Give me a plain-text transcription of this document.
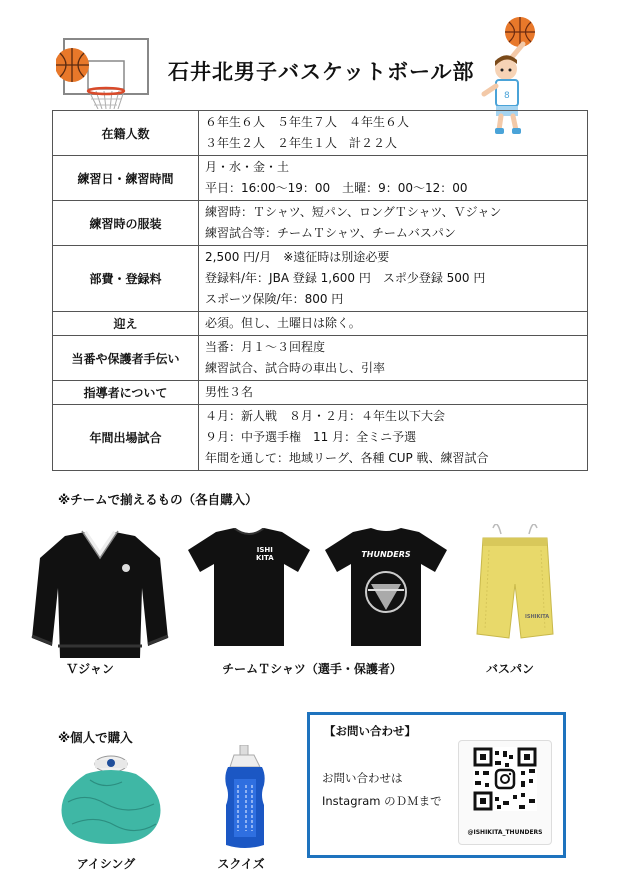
石井北男子バスケットボール部
8
在籍人数	６年生６人　５年生７人　４年生６人
３年生２人　２年生１人　計２２人

練習日・練習時間	月・水・金・土
平日：16:00〜19：00　土曜：9：00〜12：00

練習時の服装	練習時：Ｔシャツ、短パン、ロングＴシャツ、Ｖジャン
練習試合等：チームＴシャツ、チームバスパン

部費・登録料	2,500 円/月　※遠征時は別途必要
登録料/年：JBA 登録 1,600 円　スポ少登録 500 円
スポーツ保険/年：800 円

迎え	必須。但し、土曜日は除く。

当番や保護者手伝い	当番：月１〜３回程度
練習試合、試合時の車出し、引率

指導者について	男性３名

年間出場試合	４月：新人戦　８月・２月：４年生以下大会
９月：中予選手権　11 月：全ミニ予選
年間を通して：地域リーグ、各種 CUP 戦、練習試合
※チームで揃えるもの（各自購入）
ISHI
KITA	THUNDERS
ISHIKITA
Ｖジャン	チームＴシャツ（選手・保護者）	バスパン
※個人で購入
アイシング	スクイズ
【お問い合わせ】
お問い合わせは
Instagram のＤＭまで
@ISHIKITA_THUNDERS
